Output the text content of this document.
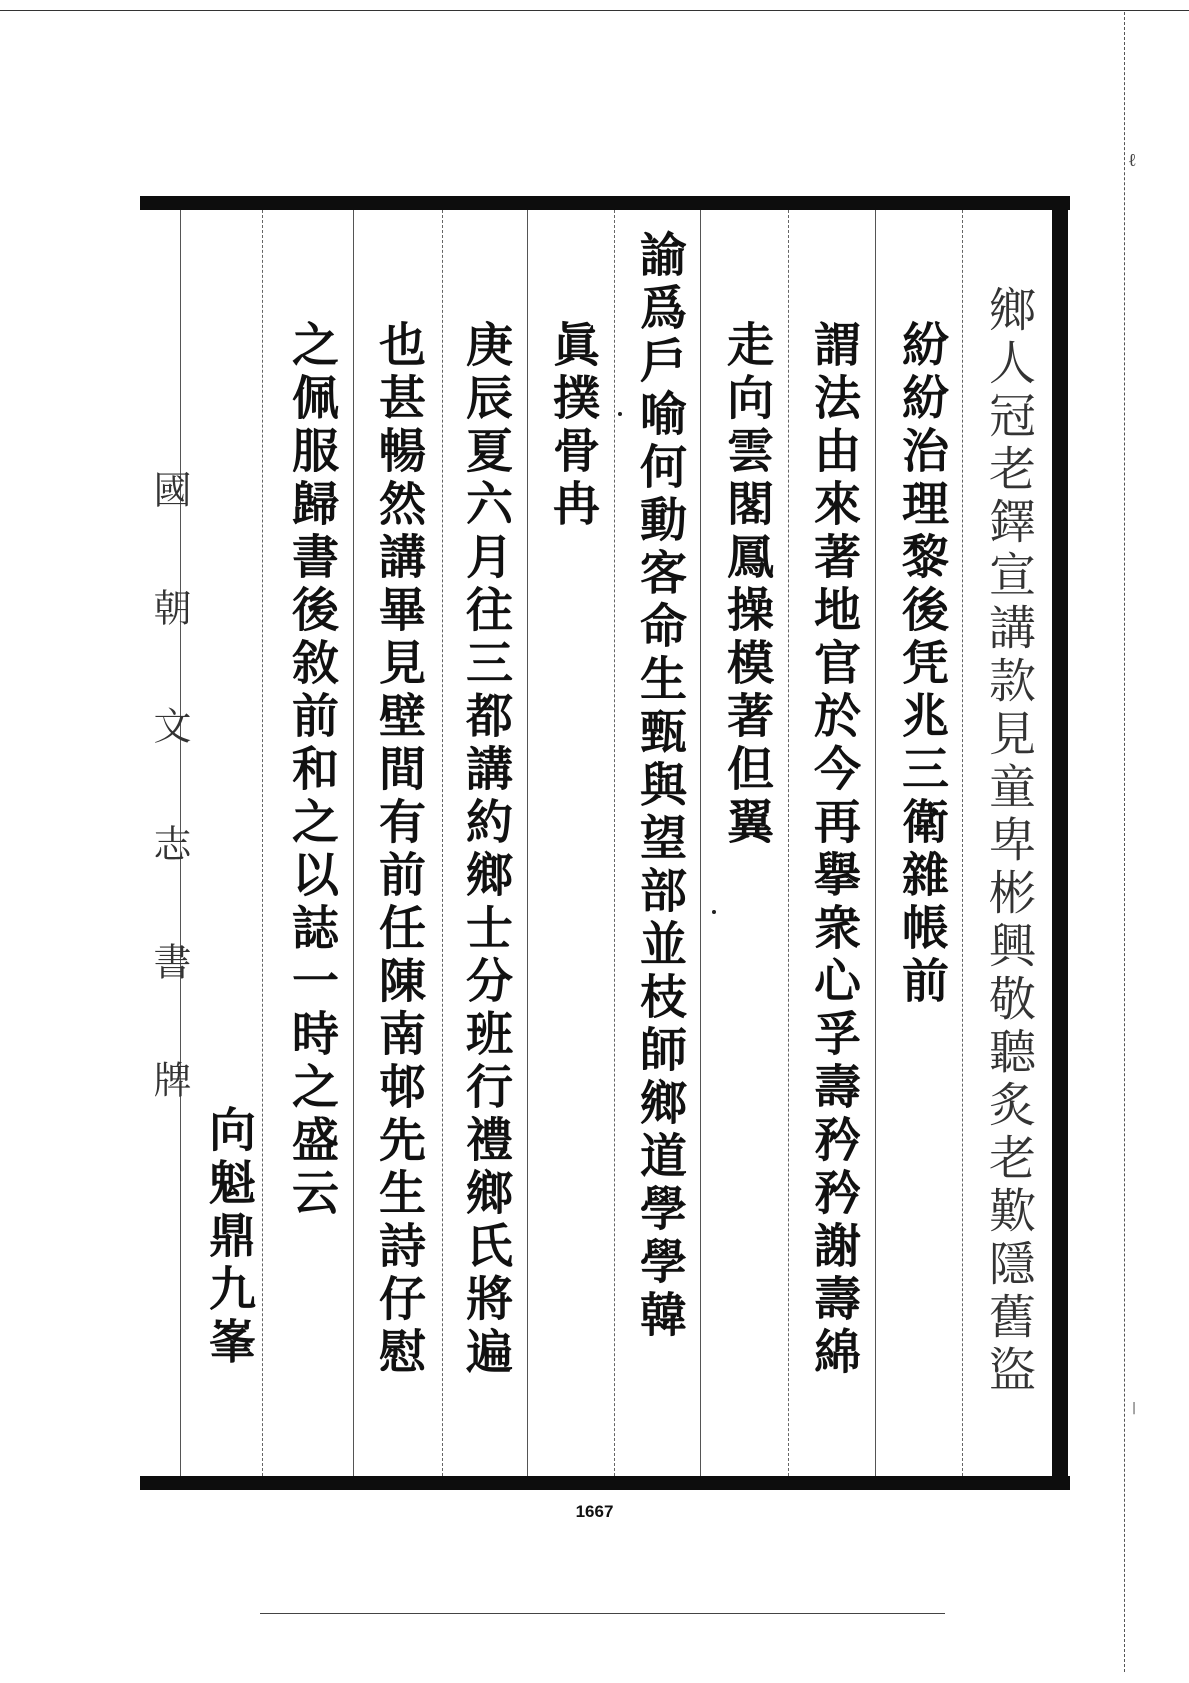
ℓ
|
國 朝 文 志 書 牌	鄉人冠老鐸宣講款見童卑彬興敬聽炙老歎隱舊盜
紛紛治理黎後凭兆三衛雜帳前
謂法由來著地官於今再擧衆心孚壽矜矜謝壽綿
走向雲閣鳳操模著但翼
諭爲戶喻何動客命生甄與望部並枝師鄉道學學韓
眞撲骨冉
庚辰夏六月往三都講約鄉士分班行禮鄉氏將遍
也甚暢然講畢見壁間有前任陳南邨先生詩仔慰
之佩服歸書後敘前和之以誌一時之盛云
向魁鼎九峯
1667
